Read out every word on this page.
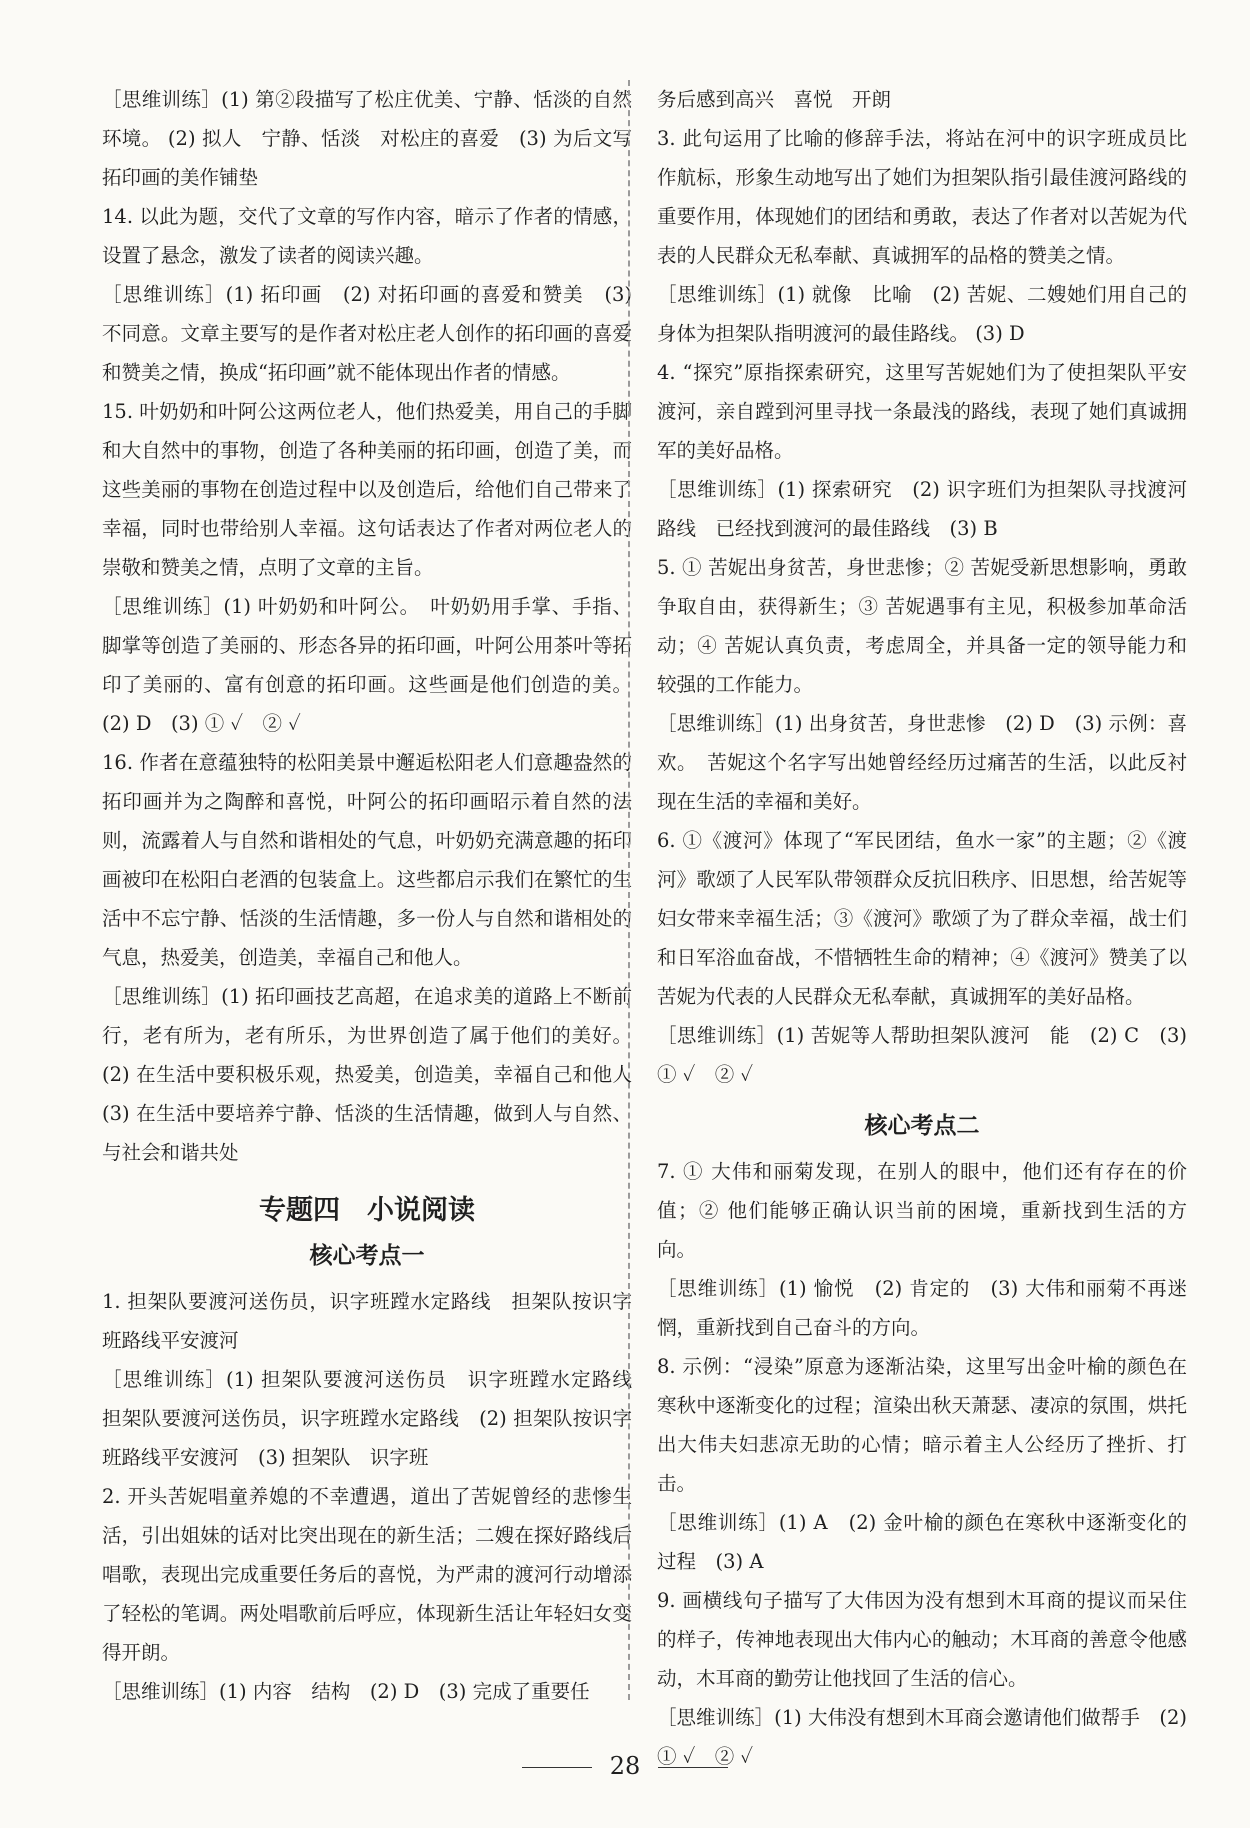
［思维训练］(1) 第②段描写了松庄优美、宁静、恬淡的自然环境。 (2) 拟人　宁静、恬淡　对松庄的喜爱　(3) 为后文写拓印画的美作铺垫

14. 以此为题，交代了文章的写作内容，暗示了作者的情感，设置了悬念，激发了读者的阅读兴趣。

［思维训练］(1) 拓印画　(2) 对拓印画的喜爱和赞美　(3) 不同意。文章主要写的是作者对松庄老人创作的拓印画的喜爱和赞美之情，换成“拓印画”就不能体现出作者的情感。

15. 叶奶奶和叶阿公这两位老人，他们热爱美，用自己的手脚和大自然中的事物，创造了各种美丽的拓印画，创造了美，而这些美丽的事物在创造过程中以及创造后，给他们自己带来了幸福，同时也带给别人幸福。这句话表达了作者对两位老人的崇敬和赞美之情，点明了文章的主旨。

［思维训练］(1) 叶奶奶和叶阿公。　叶奶奶用手掌、手指、脚掌等创造了美丽的、形态各异的拓印画，叶阿公用茶叶等拓印了美丽的、富有创意的拓印画。这些画是他们创造的美。 (2) D　(3) ① ✓　② ✓

16. 作者在意蕴独特的松阳美景中邂逅松阳老人们意趣盎然的拓印画并为之陶醉和喜悦，叶阿公的拓印画昭示着自然的法则，流露着人与自然和谐相处的气息，叶奶奶充满意趣的拓印画被印在松阳白老酒的包装盒上。这些都启示我们在繁忙的生活中不忘宁静、恬淡的生活情趣，多一份人与自然和谐相处的气息，热爱美，创造美，幸福自己和他人。

［思维训练］(1) 拓印画技艺高超，在追求美的道路上不断前行，老有所为，老有所乐，为世界创造了属于他们的美好。 (2) 在生活中要积极乐观，热爱美，创造美，幸福自己和他人　(3) 在生活中要培养宁静、恬淡的生活情趣，做到人与自然、与社会和谐共处

专题四　小说阅读
核心考点一

1. 担架队要渡河送伤员，识字班蹚水定路线　担架队按识字班路线平安渡河

［思维训练］(1) 担架队要渡河送伤员　识字班蹚水定路线　担架队要渡河送伤员，识字班蹚水定路线　(2) 担架队按识字班路线平安渡河　(3) 担架队　识字班

2. 开头苦妮唱童养媳的不幸遭遇，道出了苦妮曾经的悲惨生活，引出姐妹的话对比突出现在的新生活；二嫂在探好路线后唱歌，表现出完成重要任务后的喜悦，为严肃的渡河行动增添了轻松的笔调。两处唱歌前后呼应，体现新生活让年轻妇女变得开朗。

［思维训练］(1) 内容　结构　(2) D　(3) 完成了重要任

务后感到高兴　喜悦　开朗

3. 此句运用了比喻的修辞手法，将站在河中的识字班成员比作航标，形象生动地写出了她们为担架队指引最佳渡河路线的重要作用，体现她们的团结和勇敢，表达了作者对以苦妮为代表的人民群众无私奉献、真诚拥军的品格的赞美之情。

［思维训练］(1) 就像　比喻　(2) 苦妮、二嫂她们用自己的身体为担架队指明渡河的最佳路线。 (3) D

4. “探究”原指探索研究，这里写苦妮她们为了使担架队平安渡河，亲自蹚到河里寻找一条最浅的路线，表现了她们真诚拥军的美好品格。

［思维训练］(1) 探索研究　(2) 识字班们为担架队寻找渡河路线　已经找到渡河的最佳路线　(3) B

5. ① 苦妮出身贫苦，身世悲惨；② 苦妮受新思想影响，勇敢争取自由，获得新生；③ 苦妮遇事有主见，积极参加革命活动；④ 苦妮认真负责，考虑周全，并具备一定的领导能力和较强的工作能力。

［思维训练］(1) 出身贫苦，身世悲惨　(2) D　(3) 示例：喜欢。　苦妮这个名字写出她曾经经历过痛苦的生活，以此反衬现在生活的幸福和美好。

6. ①《渡河》体现了“军民团结，鱼水一家”的主题；②《渡河》歌颂了人民军队带领群众反抗旧秩序、旧思想，给苦妮等妇女带来幸福生活；③《渡河》歌颂了为了群众幸福，战士们和日军浴血奋战，不惜牺牲生命的精神；④《渡河》赞美了以苦妮为代表的人民群众无私奉献，真诚拥军的美好品格。

［思维训练］(1) 苦妮等人帮助担架队渡河　能　(2) C　(3) ① ✓　② ✓

核心考点二

7. ① 大伟和丽菊发现，在别人的眼中，他们还有存在的价值；② 他们能够正确认识当前的困境，重新找到生活的方向。

［思维训练］(1) 愉悦　(2) 肯定的　(3) 大伟和丽菊不再迷惘，重新找到自己奋斗的方向。

8. 示例：“浸染”原意为逐渐沾染，这里写出金叶榆的颜色在寒秋中逐渐变化的过程；渲染出秋天萧瑟、凄凉的氛围，烘托出大伟夫妇悲凉无助的心情；暗示着主人公经历了挫折、打击。

［思维训练］(1) A　(2) 金叶榆的颜色在寒秋中逐渐变化的过程　(3) A

9. 画横线句子描写了大伟因为没有想到木耳商的提议而呆住的样子，传神地表现出大伟内心的触动；木耳商的善意令他感动，木耳商的勤劳让他找回了生活的信心。

［思维训练］(1) 大伟没有想到木耳商会邀请他们做帮手　(2) ① ✓　② ✓

28
